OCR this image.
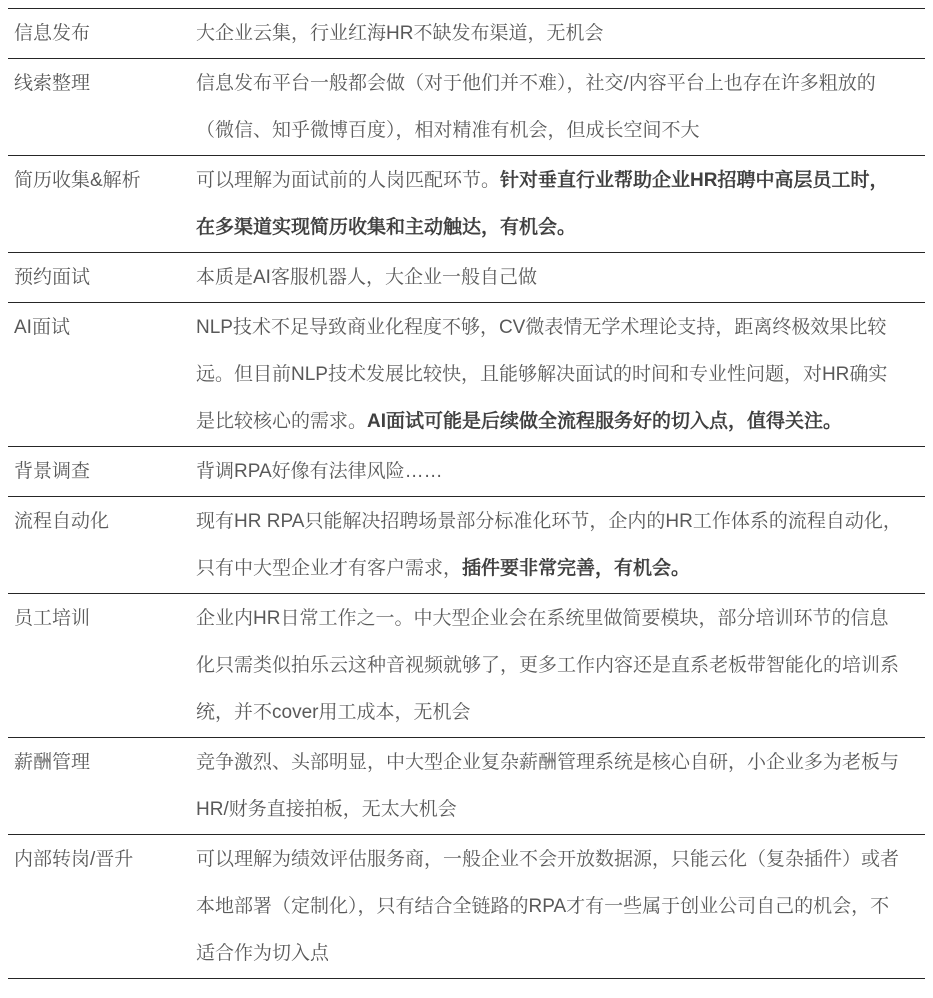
信息发布	大企业云集，行业红海HR不缺发布渠道，无机会
线索整理	信息发布平台一般都会做（对于他们并不难），社交/内容平台上也存在许多粗放的（微信、知乎微博百度），相对精准有机会，但成长空间不大
简历收集&解析	可以理解为面试前的人岗匹配环节。针对垂直行业帮助企业HR招聘中高层员工时，在多渠道实现简历收集和主动触达，有机会。
预约面试	本质是AI客服机器人，大企业一般自己做
AI面试	NLP技术不足导致商业化程度不够，CV微表情无学术理论支持，距离终极效果比较远。但目前NLP技术发展比较快，且能够解决面试的时间和专业性问题，对HR确实是比较核心的需求。AI面试可能是后续做全流程服务好的切入点，值得关注。
背景调查	背调RPA好像有法律风险……
流程自动化	现有HR RPA只能解决招聘场景部分标准化环节，企内的HR工作体系的流程自动化，只有中大型企业才有客户需求，插件要非常完善，有机会。
员工培训	企业内HR日常工作之一。中大型企业会在系统里做简要模块，部分培训环节的信息化只需类似拍乐云这种音视频就够了，更多工作内容还是直系老板带智能化的培训系统，并不cover用工成本，无机会
薪酬管理	竞争激烈、头部明显，中大型企业复杂薪酬管理系统是核心自研，小企业多为老板与HR/财务直接拍板，无太大机会
内部转岗/晋升	可以理解为绩效评估服务商，一般企业不会开放数据源，只能云化（复杂插件）或者本地部署（定制化），只有结合全链路的RPA才有一些属于创业公司自己的机会，不适合作为切入点
